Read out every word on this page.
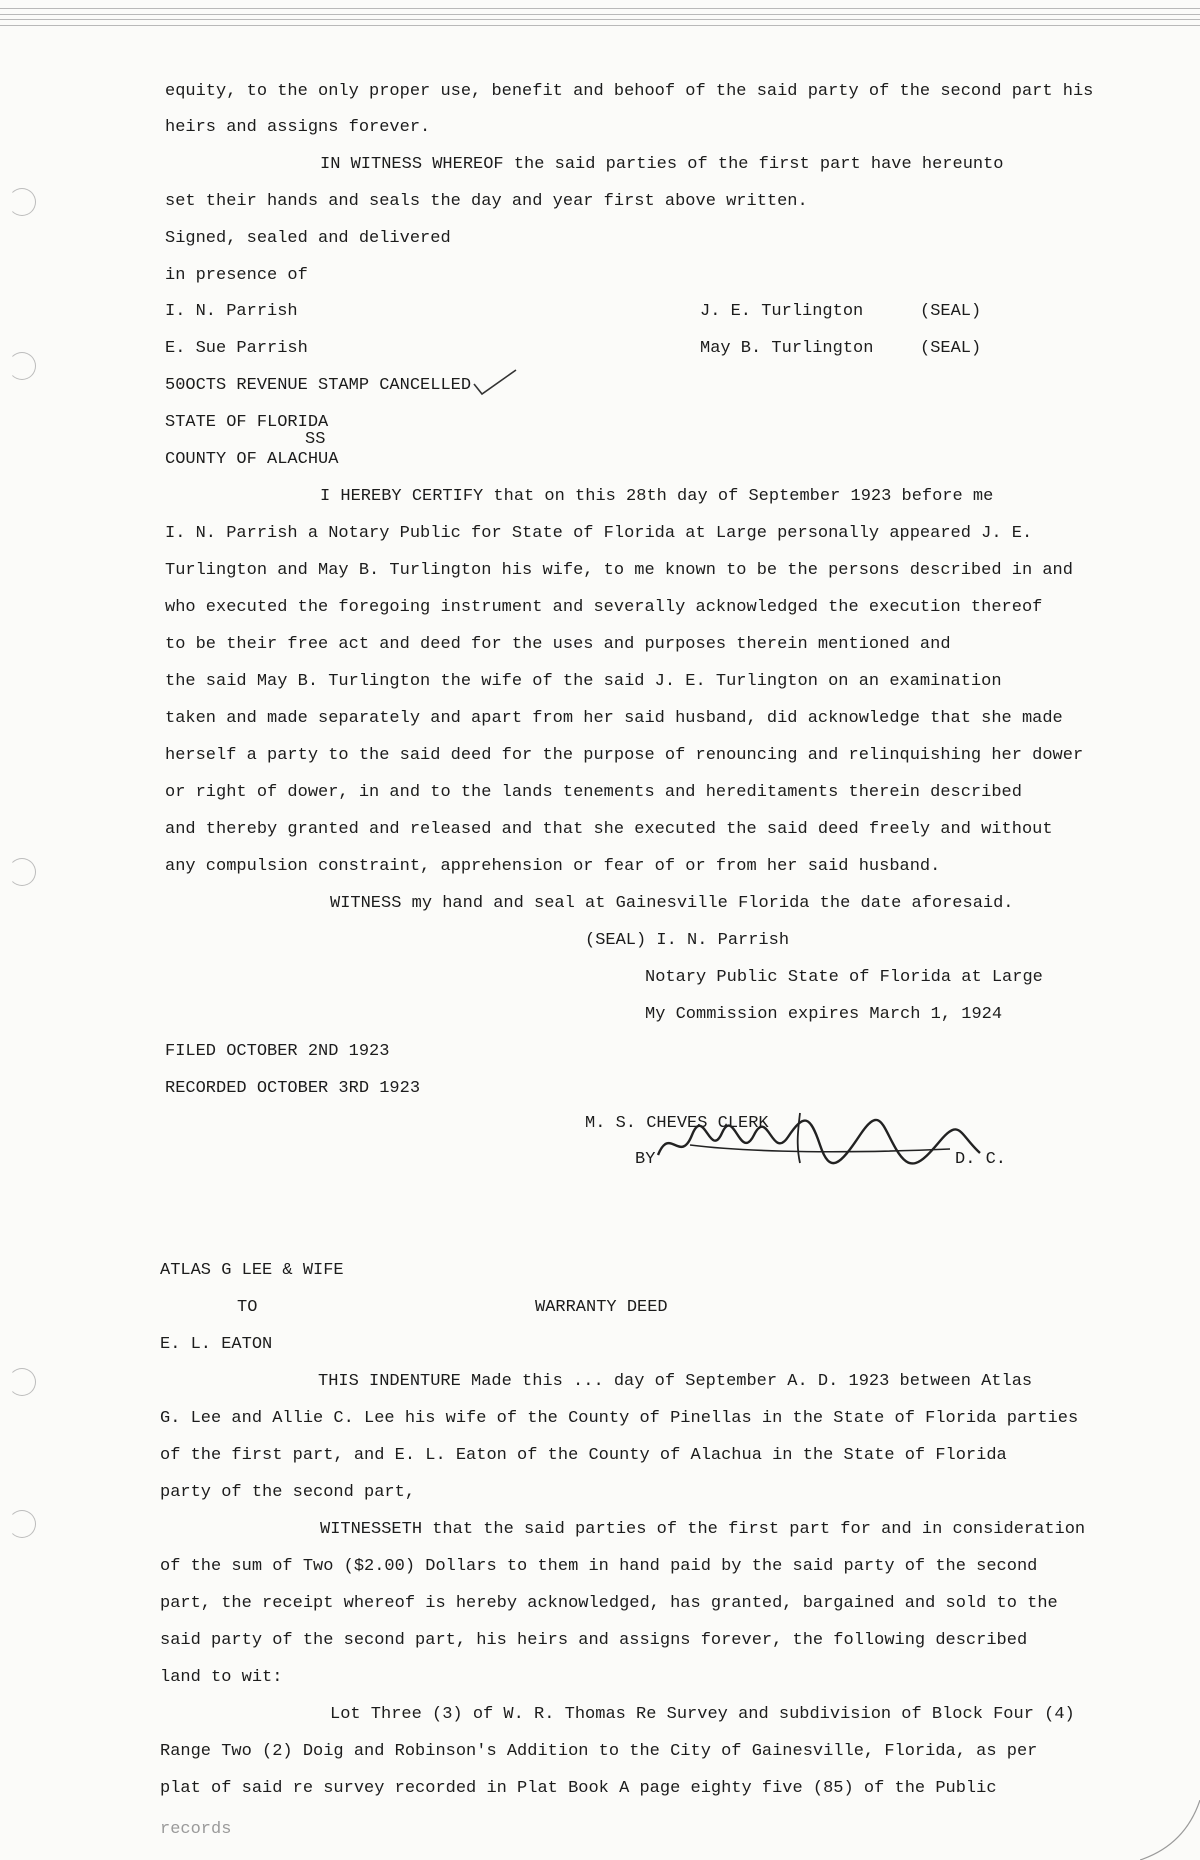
equity, to the only proper use, benefit and behoof of the said party of the second part his
heirs and assigns forever.
IN WITNESS WHEREOF the said parties of the first part have hereunto
set their hands and seals the day and year first above written.
Signed, sealed and delivered
in presence of
I. N. Parrish	J. E. Turlington	(SEAL)
E. Sue Parrish	May B. Turlington	(SEAL)
50OCTS REVENUE STAMP CANCELLED
STATE OF FLORIDA
SS
COUNTY OF ALACHUA
I HEREBY CERTIFY that on this 28th day of September 1923 before me
I. N. Parrish a Notary Public for State of Florida at Large personally appeared J. E.
Turlington and May B. Turlington his wife, to me known to be the persons described in and
who executed the foregoing instrument and severally acknowledged the execution thereof
to be their free act and deed for the uses and purposes therein mentioned and
the said May B. Turlington the wife of the said J. E. Turlington on an examination
taken and made separately and apart from her said husband, did acknowledge that she made
herself a party to the said deed for the purpose of renouncing and relinquishing her dower
or right of dower, in and to the lands tenements and hereditaments therein described
and thereby granted and released and that she executed the said deed freely and without
any compulsion constraint, apprehension or fear of or from her said husband.
WITNESS my hand and seal at Gainesville Florida the date aforesaid.
(SEAL) I. N. Parrish
Notary Public State of Florida at Large
My Commission expires March 1, 1924
FILED OCTOBER 2ND 1923
RECORDED OCTOBER 3RD 1923
M. S. CHEVES CLERK
BY	D. C.
ATLAS G LEE & WIFE
TO	WARRANTY DEED
E. L. EATON
THIS INDENTURE Made this ... day of September A. D. 1923 between Atlas
G. Lee and Allie C. Lee his wife of the County of Pinellas in the State of Florida parties
of the first part, and E. L. Eaton of the County of Alachua in the State of Florida
party of the second part,
WITNESSETH that the said parties of the first part for and in consideration
of the sum of Two ($2.00) Dollars to them in hand paid by the said party of the second
part, the receipt whereof is hereby acknowledged, has granted, bargained and sold to the
said party of the second part, his heirs and assigns forever, the following described
land to wit:
Lot Three (3) of W. R. Thomas Re Survey and subdivision of Block Four (4)
Range Two (2) Doig and Robinson's Addition to the City of Gainesville, Florida, as per
plat of said re survey recorded in Plat Book A page eighty five (85) of the Public
records
